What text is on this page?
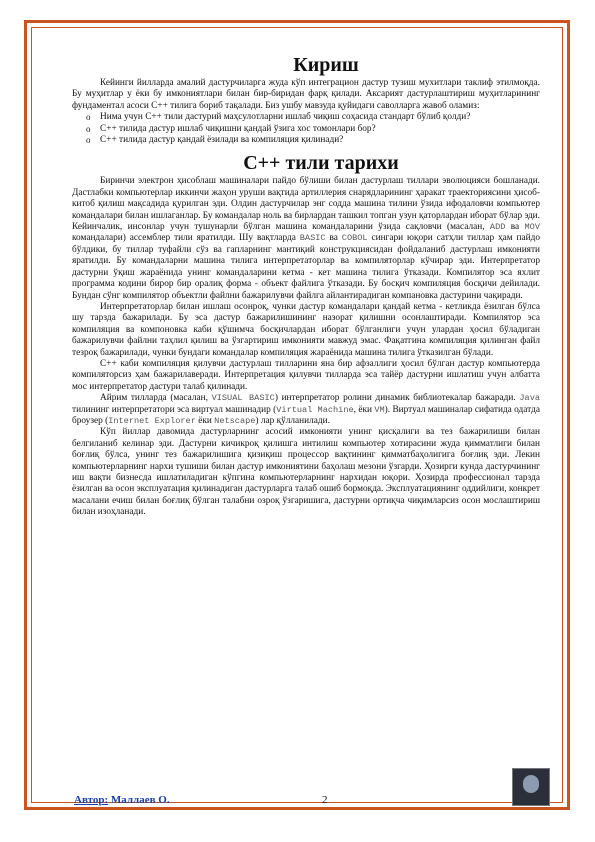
Кириш

Кейинги йилларда амалий дастурчиларга жуда кўп интеграцион дастур тузиш мухитлари таклиф этилмоқда. Бу муҳитлар у ёки бу имкониятлари билан бир-биридан фарқ қилади. Аксарият дастурлаштириш муҳитларининг фундаментал асоси C++ тилига бориб тақалади. Биз ушбу мавзуда қуйидаги саволларга жавоб оламиз:

o Нима учун C++ тили дастурий маҳсулотларни ишлаб чиқиш соҳасида стандарт бўлиб қолди?
o C++ тилида дастур ишлаб чиқишни қандай ўзига хос томонлари бор?
o C++ тилида дастур қандай ёзилади ва компиляция қилинади?
C++ тили тарихи

Биринчи электрон ҳисоблаш машиналари пайдо бўлиши билан дастурлаш тиллари эволюцияси бошланади. Дастлабки компьютерлар иккинчи жаҳон уруши вақтида артиллерия снарядларининг ҳаракат траекториясини ҳисоб-китоб қилиш мақсадида қурилган эди. Олдин дастурчилар энг содда машина тилини ўзида ифодаловчи компьютер командалари билан ишлаганлар. Бу командалар ноль ва бирлардан ташкил топган узун қаторлардан иборат бўлар эди. Кейинчалик, инсонлар учун тушунарли бўлган машина командаларини ўзида сақловчи (масалан, ADD ва MOV командалари) ассемблер тили яратилди. Шу вақтларда BASIC ва COBOL сингари юқори сатҳли тиллар ҳам пайдо бўлдики, бу тиллар туфайли сўз ва гапларнинг мантиқий конструкциясидан фойдаланиб дастурлаш имконияти яратилди. Бу командаларни машина тилига интерпретаторлар ва компиляторлар кўчирар эди. Интерпретатор дастурни ўқиш жараёнида унинг командаларини кетма - кет машина тилига ўтказади. Компилятор эса яхлит программа кодини бирор бир оралиқ форма - объект файлига ўтказади. Бу босқич компиляция босқичи дейилади. Бундан сўнг компилятор объектли файлни бажарилувчи файлга айлантирадиган компановка дастурини чақиради.

Интерпретаторлар билан ишлаш осонроқ, чунки дастур командалари қандай кетма - кетликда ёзилган бўлса шу тарзда бажарилади. Бу эса дастур бажарилишининг назорат қилишни осонлаштиради. Компилятор эса компиляция ва компоновка каби қўшимча босқичлардан иборат бўлганлиги учун улардан ҳосил бўладиган бажарилувчи файлни таҳлил қилиш ва ўзгартириш имконияти мавжуд эмас. Фақатгина компиляция қилинган файл тезроқ бажарилади, чунки бундаги командалар компиляция жараёнида машина тилига ўтказилган бўлади.

C++ каби компиляция қилувчи дастурлаш тилларини яна бир афзаллиги ҳосил бўлган дастур компьютерда компиляторсиз ҳам бажарилаверади. Интерпретация қилувчи тилларда эса тайёр дастурни ишлатиш учун албатта мос интерпретатор дастури талаб қилинади.

Айрим тилларда (масалан, VISUAL BASIC) интерпретатор ролини динамик библиотекалар бажаради. Java тилининг интерпретатори эса виртуал машинадир (Virtual Machine, ёки VM). Виртуал машиналар сифатида одатда броузер (Internet Explorer ёки Netscape) лар қўлланилади.

Кўп йиллар давомида дастурларнинг асосий имконияти унинг қисқалиги ва тез бажарилиши билан белгиланиб келинар эди. Дастурни кичикроқ қилишга интилиш компьютер хотирасини жуда қимматлиги билан боғлиқ бўлса, унинг тез бажарилишига қизиқиш процессор вақтининг қимматбаҳолигига боғлиқ эди. Лекин компьютерларнинг нархи тушиши билан дастур имкониятини баҳолаш мезони ўзгарди. Ҳозирги кунда дастурчининг иш вақти бизнесда ишлатиладиган кўпгина компьютерларнинг нархидан юқори. Ҳозирда профессионал тарзда ёзилган ва осон эксплуатация қилинадиган дастурларга талаб ошиб бормоқда. Эксплуатациянинг оддийлиги, конкрет масалани ечиш билан боғлиқ бўлган талабни озроқ ўзгаришига, дастурни ортиқча чиқимларсиз осон мослаштириш билан изоҳланади.

Автор: Маллаев О.	2
